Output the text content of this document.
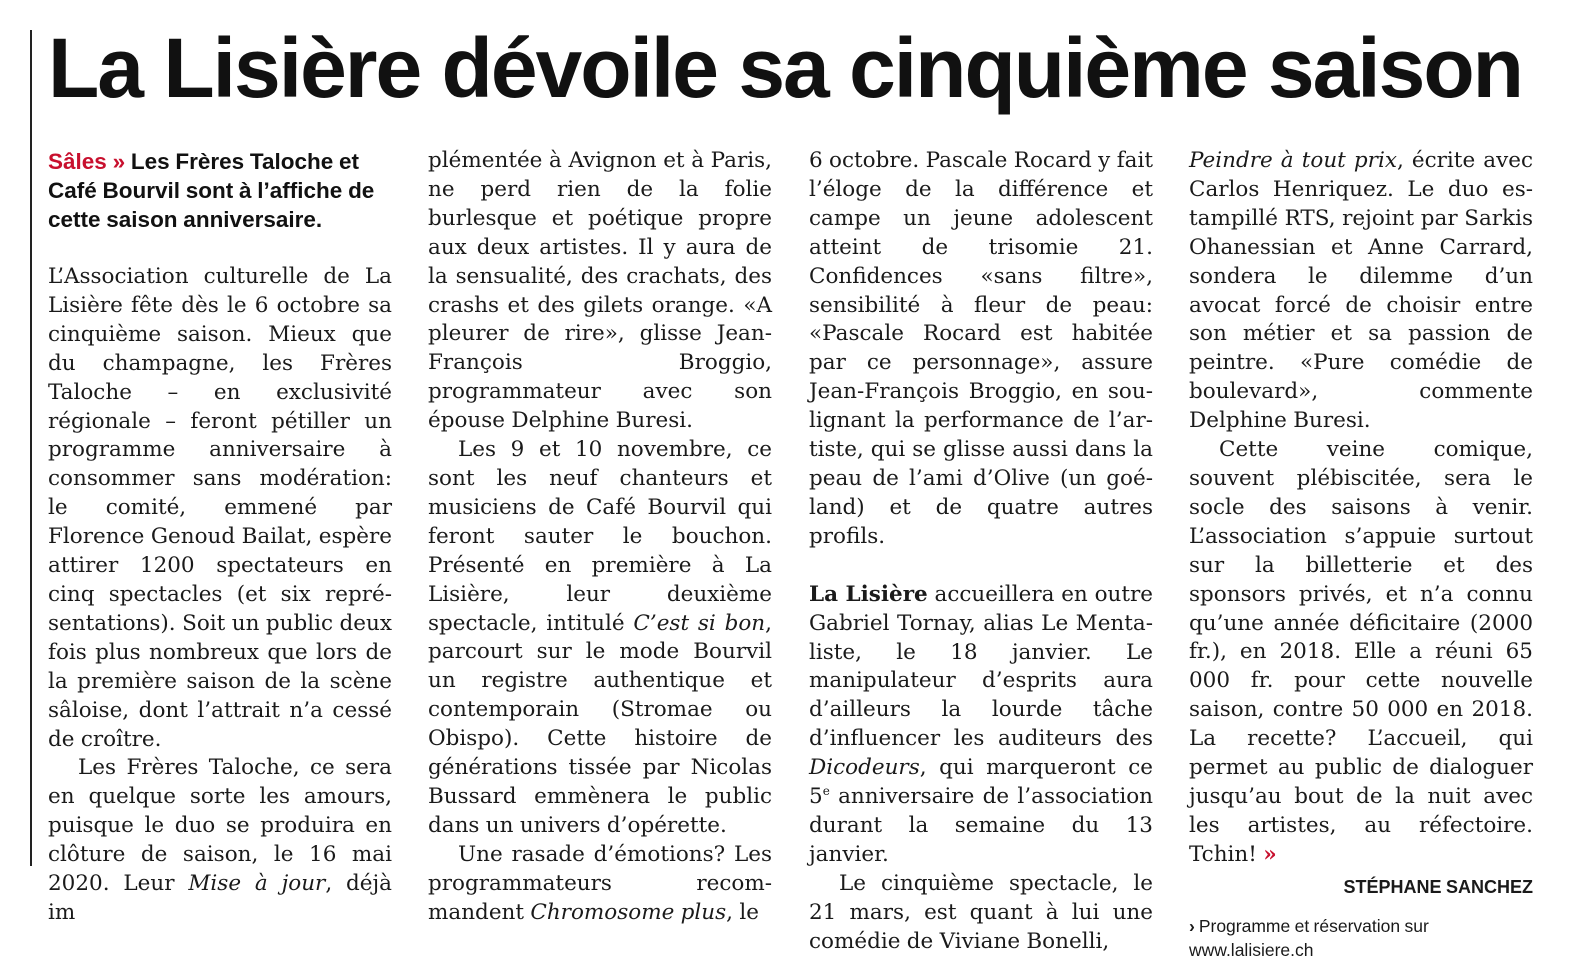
La Lisière dévoile sa cinquième saison

Sâles » Les Frères Taloche et Café Bourvil sont à l’affiche de cette saison anniversaire.

L’Association culturelle de La Lisière fête dès le 6 octobre sa cinquième saison. Mieux que du champagne, les Frères Taloche – en exclusivité régionale – feront pétiller un programme anniversaire à consommer sans modération: le comité, emmené par Florence Genoud Bailat, espère attirer 1200 spectateurs en cinq spectacles (et six représentations). Soit un public deux fois plus nombreux que lors de la première saison de la scène sâloise, dont l’attrait n’a cessé de croître.

Les Frères Taloche, ce sera en quelque sorte les amours, puisque le duo se produira en clôture de saison, le 16 mai 2020. Leur Mise à jour, déjà im

plémentée à Avignon et à Paris, ne perd rien de la folie burlesque et poétique propre aux deux artistes. Il y aura de la sensualité, des crachats, des crashs et des gilets orange. «A pleurer de rire», glisse Jean-François Broggio, programmateur avec son épouse Delphine Buresi.

Les 9 et 10 novembre, ce sont les neuf chanteurs et musiciens de Café Bourvil qui feront sauter le bouchon. Présenté en première à La Lisière, leur deuxième spectacle, intitulé C’est si bon, parcourt sur le mode Bourvil un registre authentique et contemporain (Stromae ou Obispo). Cette histoire de générations tissée par Nicolas Bussard emmènera le public dans un univers d’opérette.

Une rasade d’émotions? Les programmateurs recommandent Chromosome plus, le

6 octobre. Pascale Rocard y fait l’éloge de la différence et campe un jeune adolescent atteint de trisomie 21. Confidences «sans filtre», sensibilité à fleur de peau: «Pascale Rocard est habitée par ce personnage», assure Jean-François Broggio, en soulignant la performance de l’artiste, qui se glisse aussi dans la peau de l’ami d’Olive (un goéland) et de quatre autres profils.

La Lisière accueillera en outre Gabriel Tornay, alias Le Mentaliste, le 18 janvier. Le manipulateur d’esprits aura d’ailleurs la lourde tâche d’influencer les auditeurs des Dicodeurs, qui marqueront ce 5e anniversaire de l’association durant la semaine du 13 janvier.

Le cinquième spectacle, le 21 mars, est quant à lui une comédie de Viviane Bonelli,

Peindre à tout prix, écrite avec Carlos Henriquez. Le duo estampillé RTS, rejoint par Sarkis Ohanessian et Anne Carrard, sondera le dilemme d’un avocat forcé de choisir entre son métier et sa passion de peintre. «Pure comédie de boulevard», commente Delphine Buresi.

Cette veine comique, souvent plébiscitée, sera le socle des saisons à venir. L’association s’appuie surtout sur la billetterie et des sponsors privés, et n’a connu qu’une année déficitaire (2000 fr.), en 2018. Elle a réuni 65 000 fr. pour cette nouvelle saison, contre 50 000 en 2018. La recette? L’accueil, qui permet au public de dialoguer jusqu’au bout de la nuit avec les artistes, au réfectoire. Tchin! »

STÉPHANE SANCHEZ

› Programme et réservation sur
www.lalisiere.ch
